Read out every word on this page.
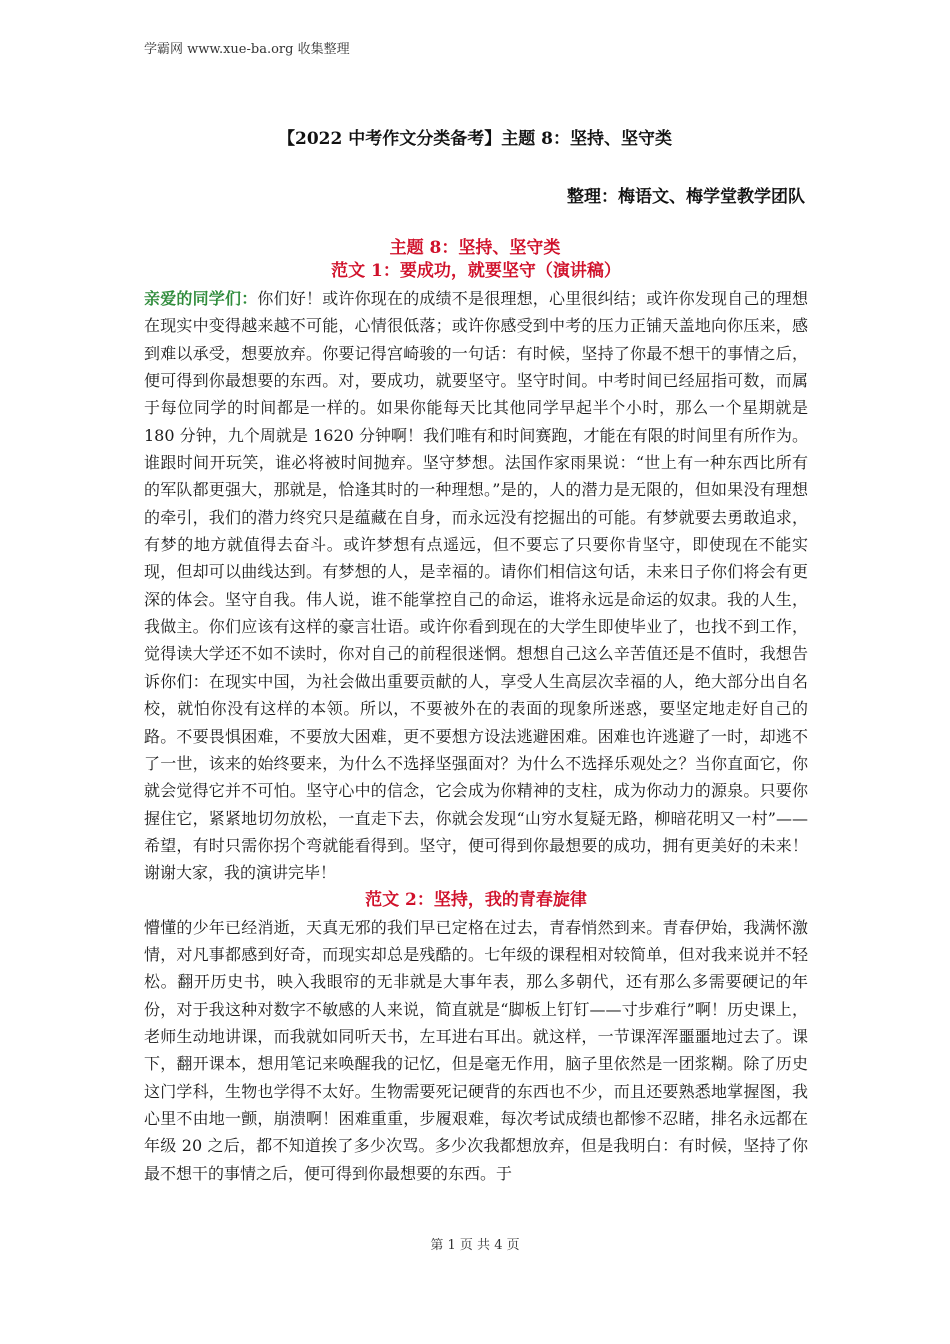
学霸网 www.xue-ba.org 收集整理
【2022 中考作文分类备考】主题 8：坚持、坚守类
整理：梅语文、梅学堂教学团队
主题 8：坚持、坚守类
范文 1：要成功，就要坚守（演讲稿）

亲爱的同学们：你们好！或许你现在的成绩不是很理想，心里很纠结；或许你发现自己的理想在现实中变得越来越不可能，心情很低落；或许你感受到中考的压力正铺天盖地向你压来，感到难以承受，想要放弃。你要记得宫崎骏的一句话：有时候，坚持了你最不想干的事情之后，便可得到你最想要的东西。对，要成功，就要坚守。坚守时间。中考时间已经屈指可数，而属于每位同学的时间都是一样的。如果你能每天比其他同学早起半个小时，那么一个星期就是 180 分钟，九个周就是 1620 分钟啊！我们唯有和时间赛跑，才能在有限的时间里有所作为。谁跟时间开玩笑，谁必将被时间抛弃。坚守梦想。法国作家雨果说：“世上有一种东西比所有的军队都更强大，那就是，恰逢其时的一种理想。”是的，人的潜力是无限的，但如果没有理想的牵引，我们的潜力终究只是蕴藏在自身，而永远没有挖掘出的可能。有梦就要去勇敢追求，有梦的地方就值得去奋斗。或许梦想有点遥远，但不要忘了只要你肯坚守，即使现在不能实现，但却可以曲线达到。有梦想的人，是幸福的。请你们相信这句话，未来日子你们将会有更深的体会。坚守自我。伟人说，谁不能掌控自己的命运，谁将永远是命运的奴隶。我的人生，我做主。你们应该有这样的豪言壮语。或许你看到现在的大学生即使毕业了，也找不到工作，觉得读大学还不如不读时，你对自己的前程很迷惘。想想自己这么辛苦值还是不值时，我想告诉你们：在现实中国，为社会做出重要贡献的人，享受人生高层次幸福的人，绝大部分出自名校，就怕你没有这样的本领。所以，不要被外在的表面的现象所迷惑，要坚定地走好自己的路。不要畏惧困难，不要放大困难，更不要想方设法逃避困难。困难也许逃避了一时，却逃不了一世，该来的始终要来，为什么不选择坚强面对？为什么不选择乐观处之？当你直面它，你就会觉得它并不可怕。坚守心中的信念，它会成为你精神的支柱，成为你动力的源泉。只要你握住它，紧紧地切勿放松，一直走下去，你就会发现“山穷水复疑无路，柳暗花明又一村”——希望，有时只需你拐个弯就能看得到。坚守，便可得到你最想要的成功，拥有更美好的未来！谢谢大家，我的演讲完毕！

范文 2：坚持，我的青春旋律

懵懂的少年已经消逝，天真无邪的我们早已定格在过去，青春悄然到来。青春伊始，我满怀激情，对凡事都感到好奇，而现实却总是残酷的。七年级的课程相对较简单，但对我来说并不轻松。翻开历史书，映入我眼帘的无非就是大事年表，那么多朝代，还有那么多需要硬记的年份，对于我这种对数字不敏感的人来说，简直就是“脚板上钉钉——寸步难行”啊！历史课上，老师生动地讲课，而我就如同听天书，左耳进右耳出。就这样，一节课浑浑噩噩地过去了。课下，翻开课本，想用笔记来唤醒我的记忆，但是毫无作用，脑子里依然是一团浆糊。除了历史这门学科，生物也学得不太好。生物需要死记硬背的东西也不少，而且还要熟悉地掌握图，我心里不由地一颤，崩溃啊！困难重重，步履艰难，每次考试成绩也都惨不忍睹，排名永远都在年级 20 之后，都不知道挨了多少次骂。多少次我都想放弃，但是我明白：有时候，坚持了你最不想干的事情之后，便可得到你最想要的东西。于

第 1 页 共 4 页
